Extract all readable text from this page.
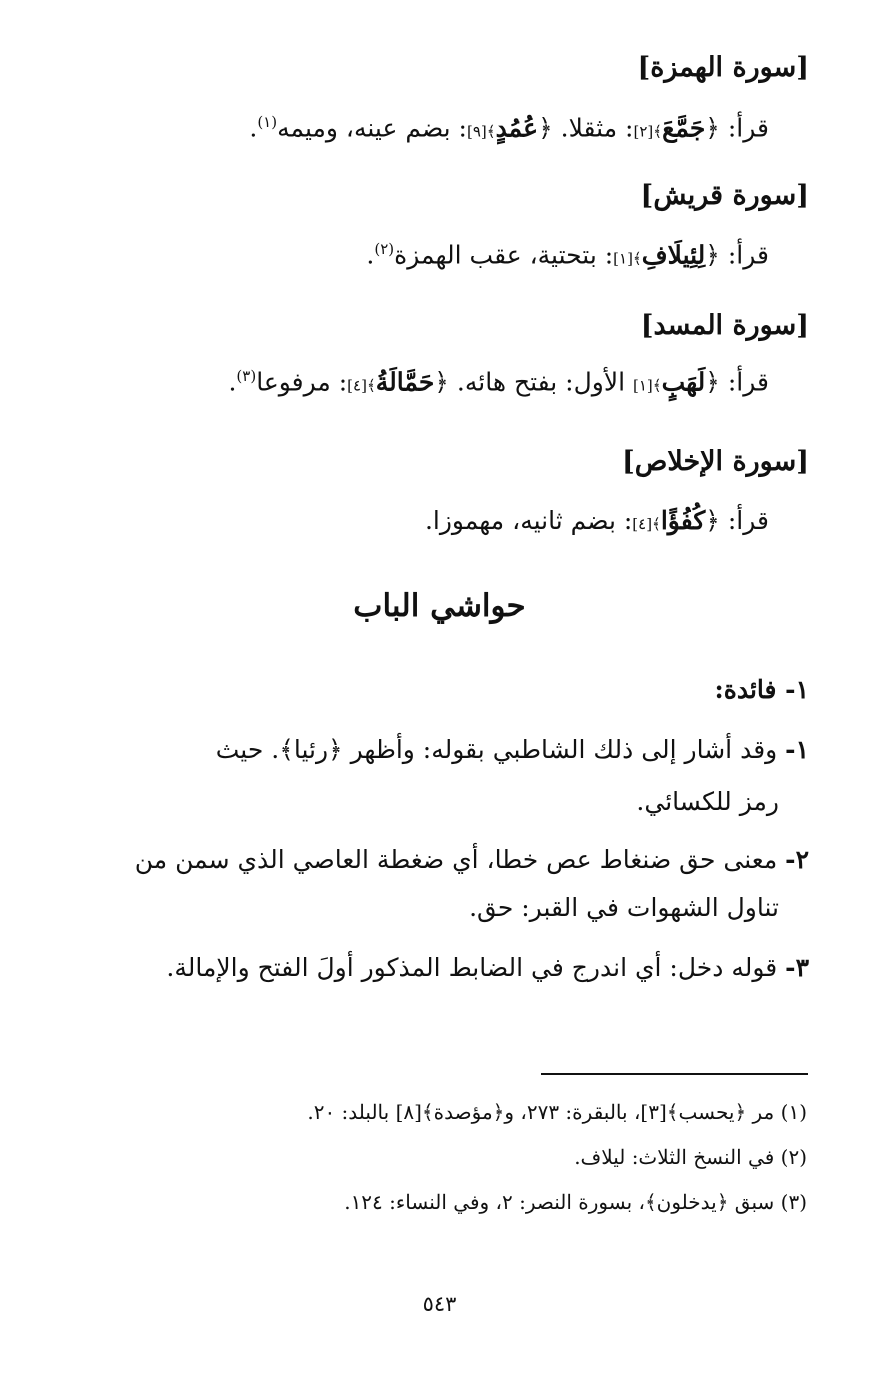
[سورة الهمزة]
قرأ: ﴿جَمَّعَ﴾[٢]: مثقلا. ﴿عُمُدٍ﴾[٩]: بضم عينه، وميمه$^{(١)}$.
[سورة قريش]
قرأ: ﴿لِئِيلَافِ﴾[١]: بتحتية، عقب الهمزة$^{(٢)}$.
[سورة المسد]
قرأ: ﴿لَهَبٍ﴾[١] الأول: بفتح هائه. ﴿حَمَّالَةُ﴾[٤]: مرفوعا$^{(٣)}$.
[سورة الإخلاص]
قرأ: ﴿كُفُؤًا﴾[٤]: بضم ثانيه، مهموزا.
حواشي الباب
١- فائدة:
١- وقد أشار إلى ذلك الشاطبي بقوله: وأظهر ﴿رئيا﴾. حيث
رمز للكسائي.
٢- معنى حق ضنغاط عص خطا، أي ضغطة العاصي الذي سمن من
تناول الشهوات في القبر: حق.
٣- قوله دخل: أي اندرج في الضابط المذكور أولَ الفتح والإمالة.
(١) مر ﴿يحسب﴾[٣]، بالبقرة: ٢٧٣، و﴿مؤصدة﴾[٨] بالبلد: ٢٠.
(٢) في النسخ الثلاث: ليلاف.
(٣) سبق ﴿يدخلون﴾، بسورة النصر: ٢، وفي النساء: ١٢٤.
٥٤٣
